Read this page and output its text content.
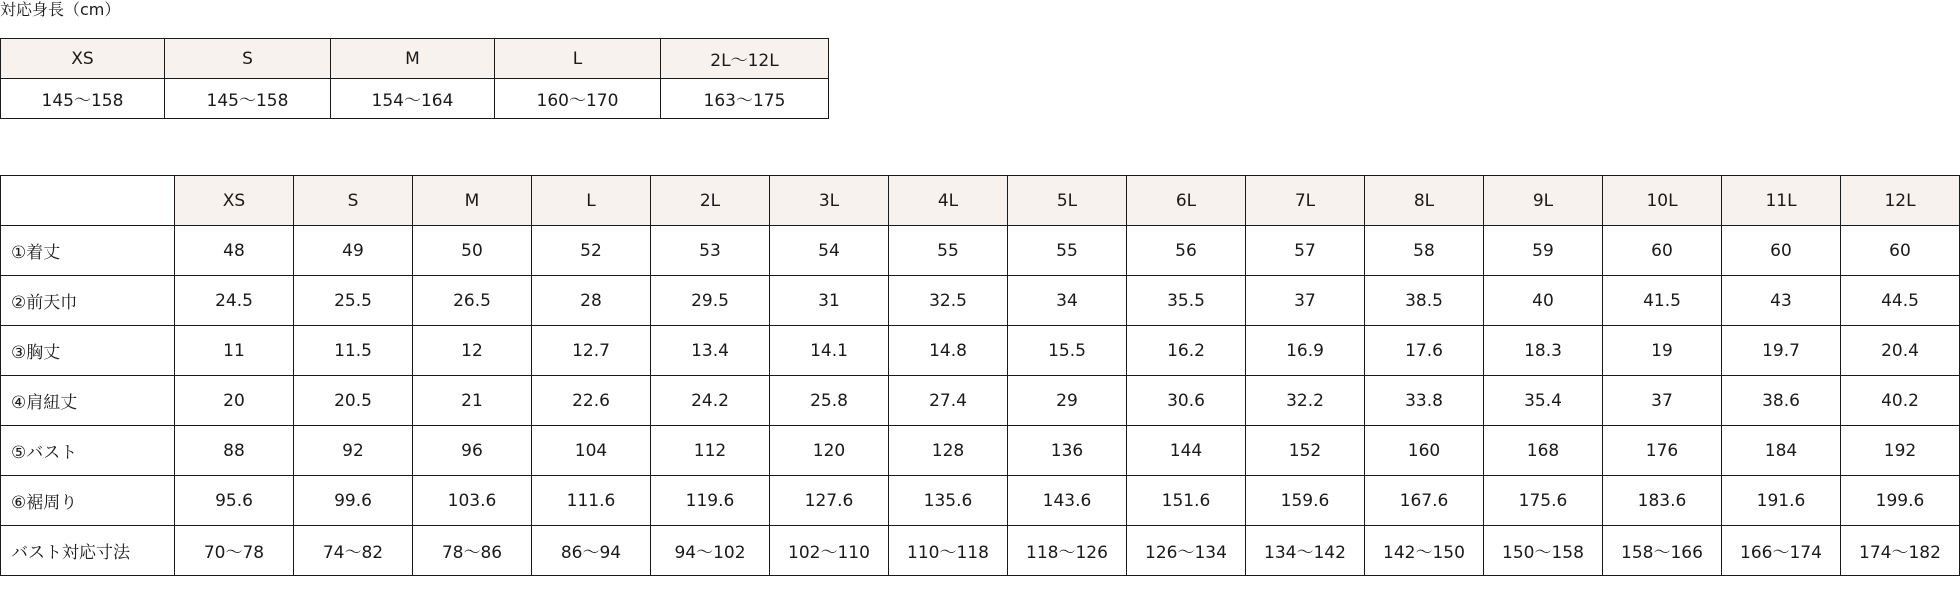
対応身長（cm）
XS	S	M	L	2L～12L
145～158	145～158	154～164	160～170	163～175
	XS	S	M	L	2L	3L	4L	5L	6L	7L	8L	9L	10L	11L	12L
①着丈	48	49	50	52	53	54	55	55	56	57	58	59	60	60	60
②前天巾	24.5	25.5	26.5	28	29.5	31	32.5	34	35.5	37	38.5	40	41.5	43	44.5
③胸丈	11	11.5	12	12.7	13.4	14.1	14.8	15.5	16.2	16.9	17.6	18.3	19	19.7	20.4
④肩紐丈	20	20.5	21	22.6	24.2	25.8	27.4	29	30.6	32.2	33.8	35.4	37	38.6	40.2
⑤バスト	88	92	96	104	112	120	128	136	144	152	160	168	176	184	192
⑥裾周り	95.6	99.6	103.6	111.6	119.6	127.6	135.6	143.6	151.6	159.6	167.6	175.6	183.6	191.6	199.6
バスト対応寸法	70～78	74～82	78～86	86～94	94～102	102～110	110～118	118～126	126～134	134～142	142～150	150～158	158～166	166～174	174～182
